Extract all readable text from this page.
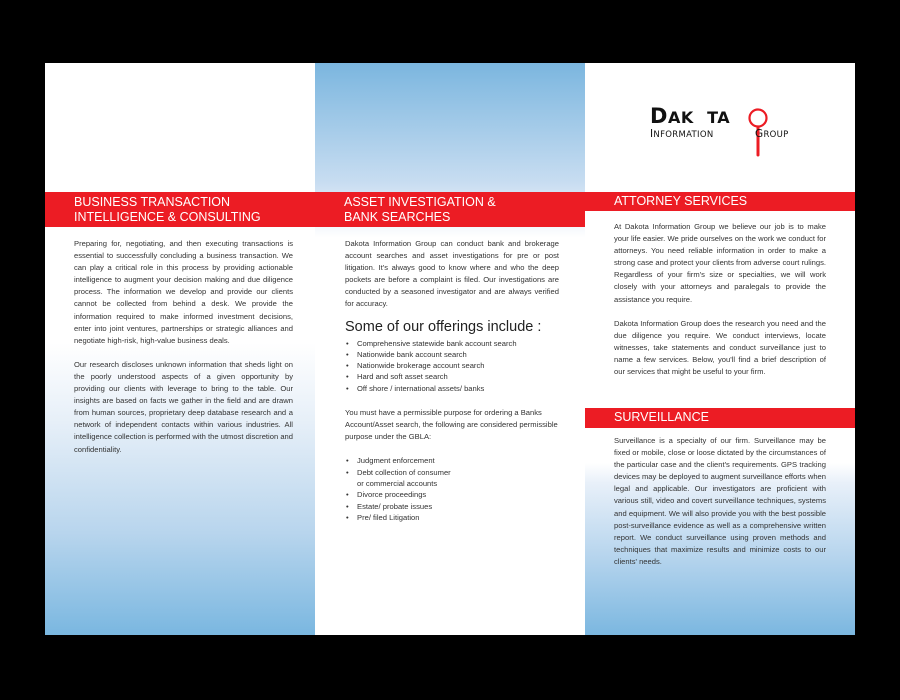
BUSINESS TRANSACTION
INTELLIGENCE & CONSULTING

Preparing for, negotiating, and then executing transactions is essential to successfully concluding a business transaction. We can play a critical role in this process by providing actionable intelligence to augment your decision making and due diligence process. The information we develop and provide our clients cannot be collected from behind a desk. We provide the information required to make informed investment decisions, enter into joint ventures, partnerships or strategic alliances and negotiate high-risk, high-value business deals.

Our research discloses unknown information that sheds light on the poorly understood aspects of a given opportunity by providing our clients with leverage to bring to the table. Our insights are based on facts we gather in the field and are drawn from human sources, proprietary deep database research and a network of independent contacts within various industries. All intelligence collection is performed with the utmost discretion and confidentiality.

ASSET INVESTIGATION &
BANK SEARCHES

Dakota Information Group can conduct bank and brokerage account searches and asset investigations for pre or post litigation. It's always good to know where and who the deep pockets are before a complaint is filed. Our investigations are conducted by a seasoned investigator and are always verified for accuracy.

Some of our offerings include :
• Comprehensive statewide bank account search
• Nationwide bank account search
• Nationwide brokerage account search
• Hard and soft asset search
• Off shore / international assets/ banks

You must have a permissible purpose for ordering a Banks Account/Asset search, the following are considered permissible purpose under the GBLA:

• Judgment enforcement
• Debt collection of consumer or commercial accounts
• Divorce proceedings
• Estate/ probate issues
• Pre/ filed Litigation
DAK TA
INFORMATION	GROUP
ATTORNEY SERVICES

At Dakota Information Group we believe our job is to make your life easier. We pride ourselves on the work we conduct for attorneys. You need reliable information in order to make a strong case and protect your clients from adverse court rulings. Regardless of your firm's size or specialties, we will work closely with your attorneys and paralegals to provide the assistance you require.

Dakota Information Group does the research you need and the due diligence you require. We conduct interviews, locate witnesses, take statements and conduct surveillance just to name a few services. Below, you'll find a brief description of our services that might be useful to your firm.

SURVEILLANCE

Surveillance is a specialty of our firm. Surveillance may be fixed or mobile, close or loose dictated by the circumstances of the particular case and the client's requirements. GPS tracking devices may be deployed to augment surveillance efforts when legal and applicable. Our investigators are proficient with various still, video and covert surveillance techniques, systems and equipment. We will also provide you with the best possible post-surveillance evidence as well as a comprehensive written report. We conduct surveillance using proven methods and techniques that maximize results and minimize costs to our clients' needs.
